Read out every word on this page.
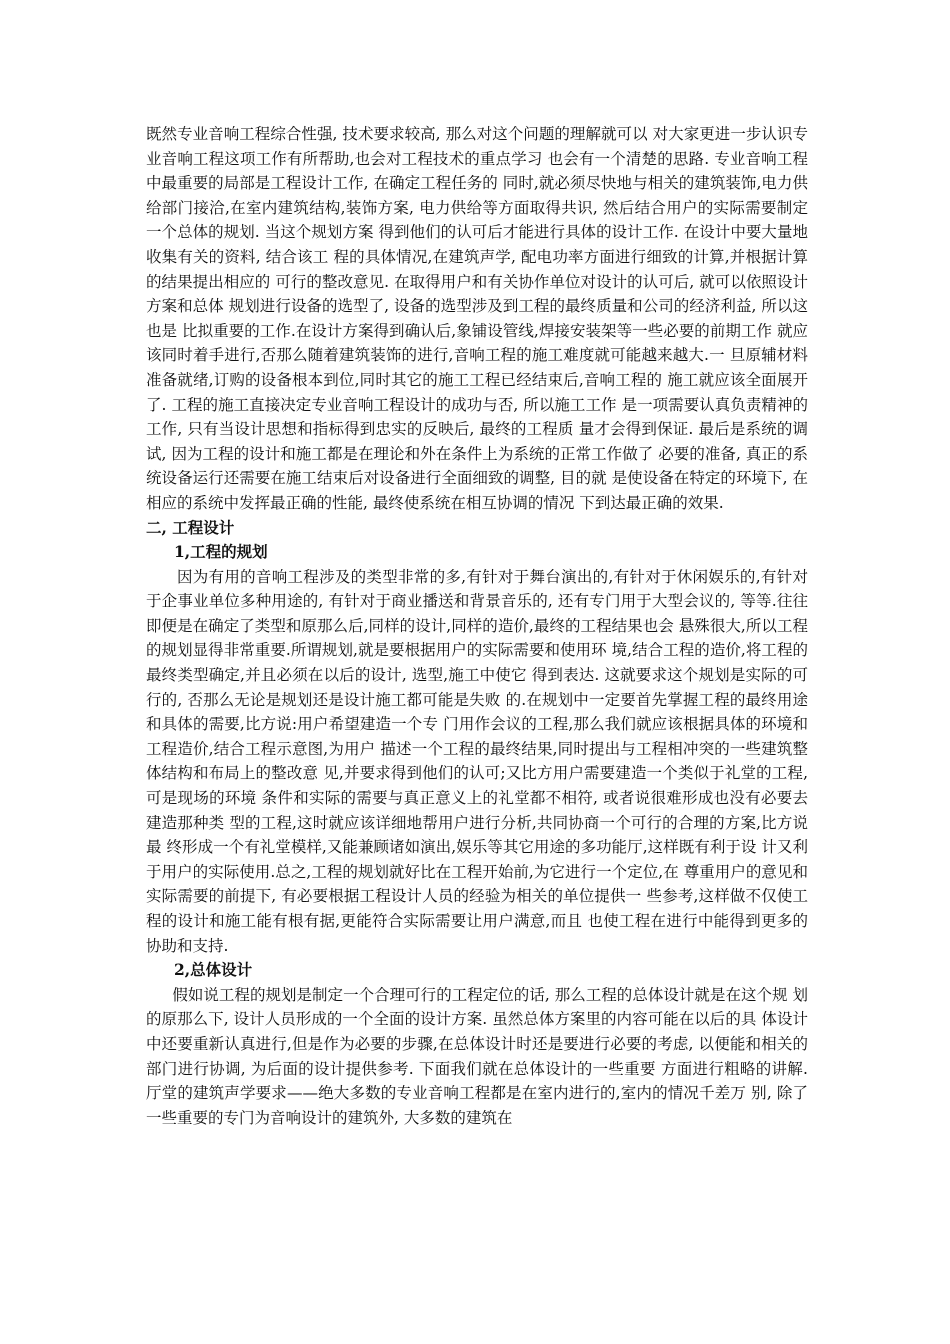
既然专业音响工程综合性强, 技术要求较高, 那么对这个问题的理解就可以 对大家更进一步认识专业音响工程这项工作有所帮助,也会对工程技术的重点学习 也会有一个清楚的思路. 专业音响工程中最重要的局部是工程设计工作, 在确定工程任务的 同时,就必须尽快地与相关的建筑装饰,电力供给部门接洽,在室内建筑结构,装饰方案, 电力供给等方面取得共识, 然后结合用户的实际需要制定一个总体的规划. 当这个规划方案 得到他们的认可后才能进行具体的设计工作. 在设计中要大量地收集有关的资料, 结合该工 程的具体情况,在建筑声学, 配电功率方面进行细致的计算,并根据计算的结果提出相应的 可行的整改意见. 在取得用户和有关协作单位对设计的认可后, 就可以依照设计方案和总体 规划进行设备的选型了, 设备的选型涉及到工程的最终质量和公司的经济利益, 所以这也是 比拟重要的工作.在设计方案得到确认后,象铺设管线,焊接安装架等一些必要的前期工作 就应该同时着手进行,否那么随着建筑装饰的进行,音响工程的施工难度就可能越来越大.一 旦原辅材料准备就绪,订购的设备根本到位,同时其它的施工工程已经结束后,音响工程的 施工就应该全面展开了. 工程的施工直接决定专业音响工程设计的成功与否, 所以施工工作 是一项需要认真负责精神的工作, 只有当设计思想和指标得到忠实的反映后, 最终的工程质 量才会得到保证. 最后是系统的调试, 因为工程的设计和施工都是在理论和外在条件上为系统的正常工作做了 必要的准备, 真正的系统设备运行还需要在施工结束后对设备进行全面细致的调整, 目的就 是使设备在特定的环境下, 在相应的系统中发挥最正确的性能, 最终使系统在相互协调的情况 下到达最正确的效果.

二, 工程设计

1,工程的规划

因为有用的音响工程涉及的类型非常的多,有针对于舞台演出的,有针对于休闲娱乐的,有针对于企事业单位多种用途的, 有针对于商业播送和背景音乐的, 还有专门用于大型会议的, 等等.往往即便是在确定了类型和原那么后,同样的设计,同样的造价,最终的工程结果也会 悬殊很大,所以工程的规划显得非常重要.所谓规划,就是要根据用户的实际需要和使用环 境,结合工程的造价,将工程的最终类型确定,并且必须在以后的设计, 选型,施工中使它 得到表达. 这就要求这个规划是实际的可行的, 否那么无论是规划还是设计施工都可能是失败 的.在规划中一定要首先掌握工程的最终用途和具体的需要,比方说:用户希望建造一个专 门用作会议的工程,那么我们就应该根据具体的环境和工程造价,结合工程示意图,为用户 描述一个工程的最终结果,同时提出与工程相冲突的一些建筑整体结构和布局上的整改意 见,并要求得到他们的认可;又比方用户需要建造一个类似于礼堂的工程,可是现场的环境 条件和实际的需要与真正意义上的礼堂都不相符, 或者说很难形成也没有必要去建造那种类 型的工程,这时就应该详细地帮用户进行分析,共同协商一个可行的合理的方案,比方说最 终形成一个有礼堂模样,又能兼顾诸如演出,娱乐等其它用途的多功能厅,这样既有利于设 计又利于用户的实际使用.总之,工程的规划就好比在工程开始前,为它进行一个定位,在 尊重用户的意见和实际需要的前提下, 有必要根据工程设计人员的经验为相关的单位提供一 些参考,这样做不仅使工程的设计和施工能有根有据,更能符合实际需要让用户满意,而且 也使工程在进行中能得到更多的协助和支持.

2,总体设计

假如说工程的规划是制定一个合理可行的工程定位的话, 那么工程的总体设计就是在这个规 划的原那么下, 设计人员形成的一个全面的设计方案. 虽然总体方案里的内容可能在以后的具 体设计中还要重新认真进行,但是作为必要的步骤,在总体设计时还是要进行必要的考虑, 以便能和相关的部门进行协调, 为后面的设计提供参考. 下面我们就在总体设计的一些重要 方面进行粗略的讲解. 厅堂的建筑声学要求——绝大多数的专业音响工程都是在室内进行的,室内的情况千差万 别, 除了一些重要的专门为音响设计的建筑外, 大多数的建筑在
